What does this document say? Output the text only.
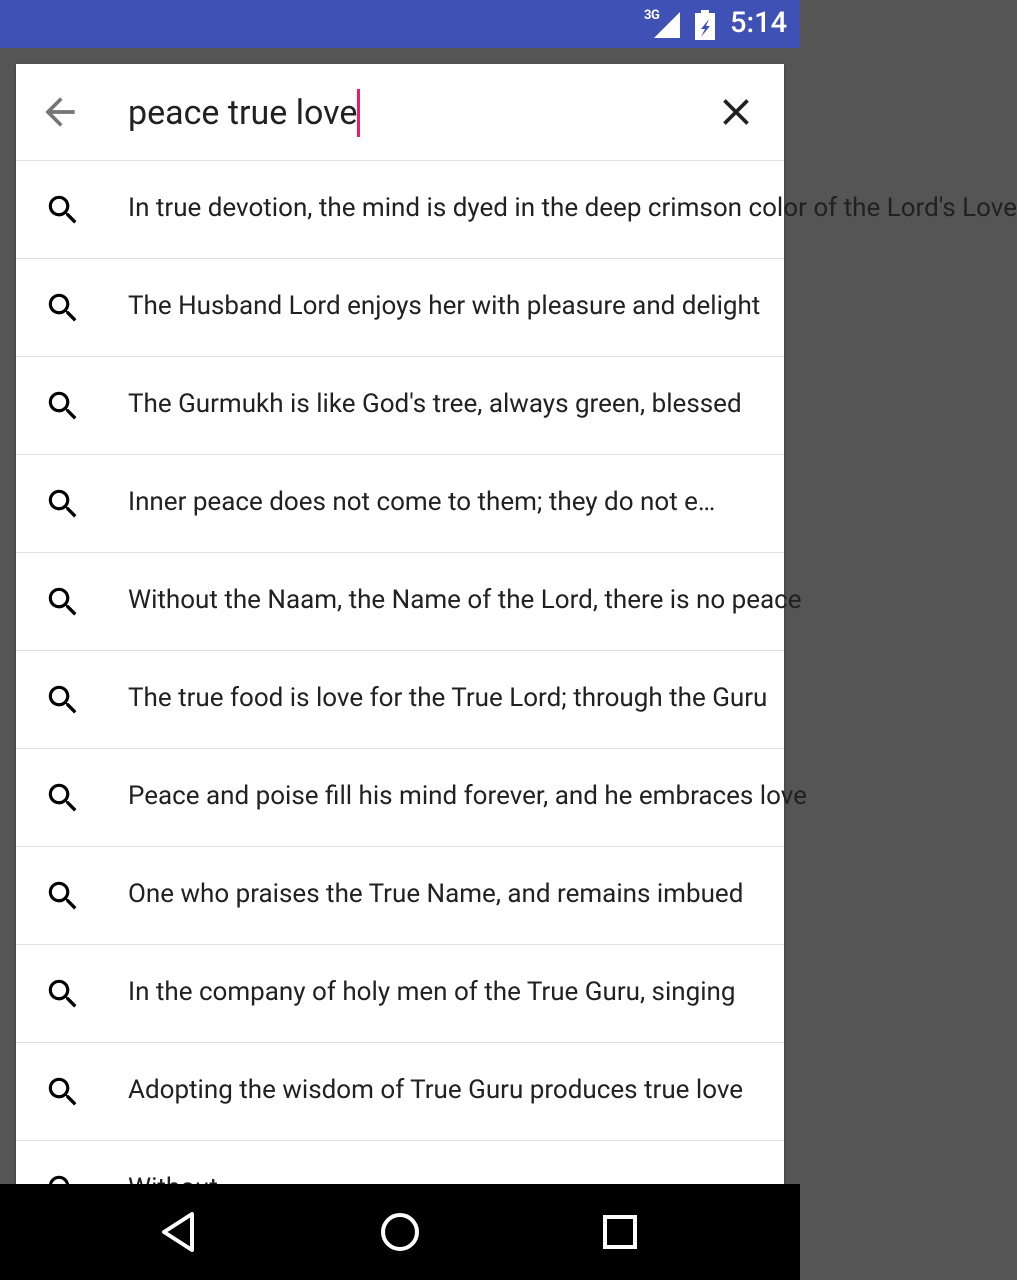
3G 5:14
peace true love
In true devotion, the mind is dyed in the deep crimson color of the Lord's Love
The Husband Lord enjoys her with pleasure and delight
The Gurmukh is like God's tree, always green, blessed
Inner peace does not come to them; they do not e…
Without the Naam, the Name of the Lord, there is no peace
The true food is love for the True Lord; through the Guru
Peace and poise fill his mind forever, and he embraces love
One who praises the True Name, and remains imbued
In the company of holy men of the True Guru, singing
Adopting the wisdom of True Guru produces true love
